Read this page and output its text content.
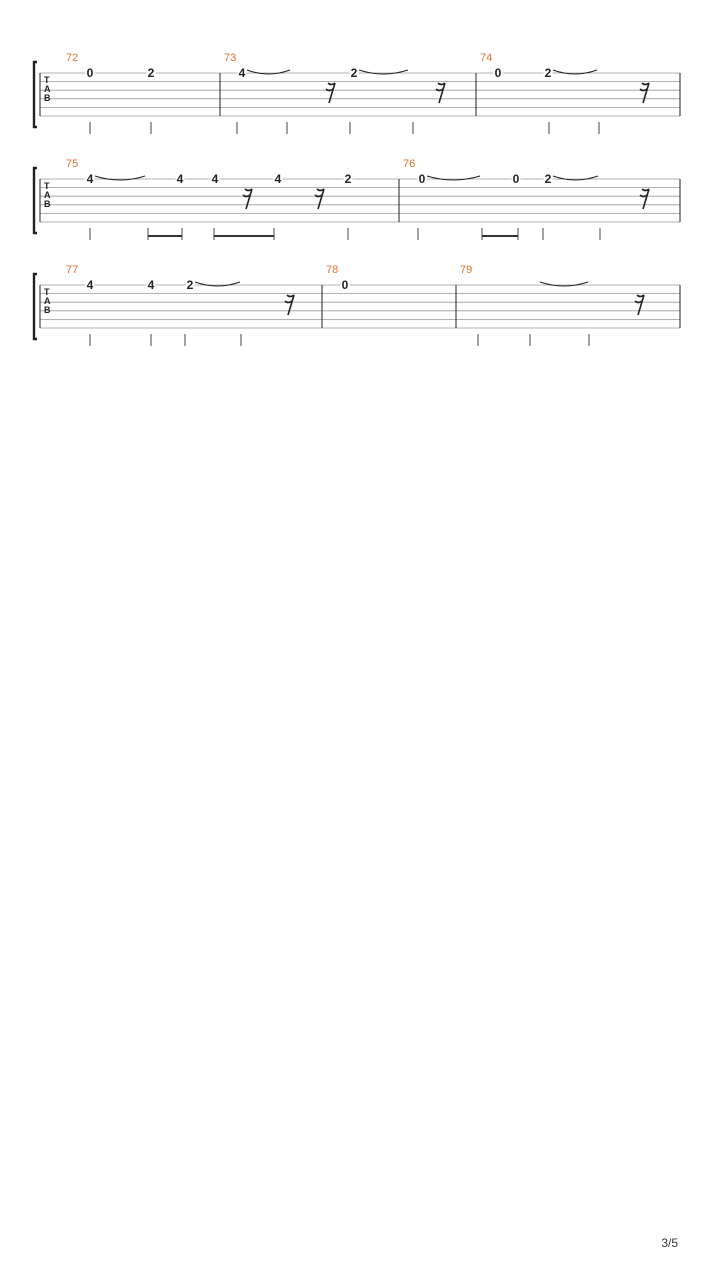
T
A
B
72
0	2
73
4	2
74
0	2
T
A
B
75
4	4 4	4	2
76
0	0 2
T
A
B
77
4	4	2
78
0
79
3/5
